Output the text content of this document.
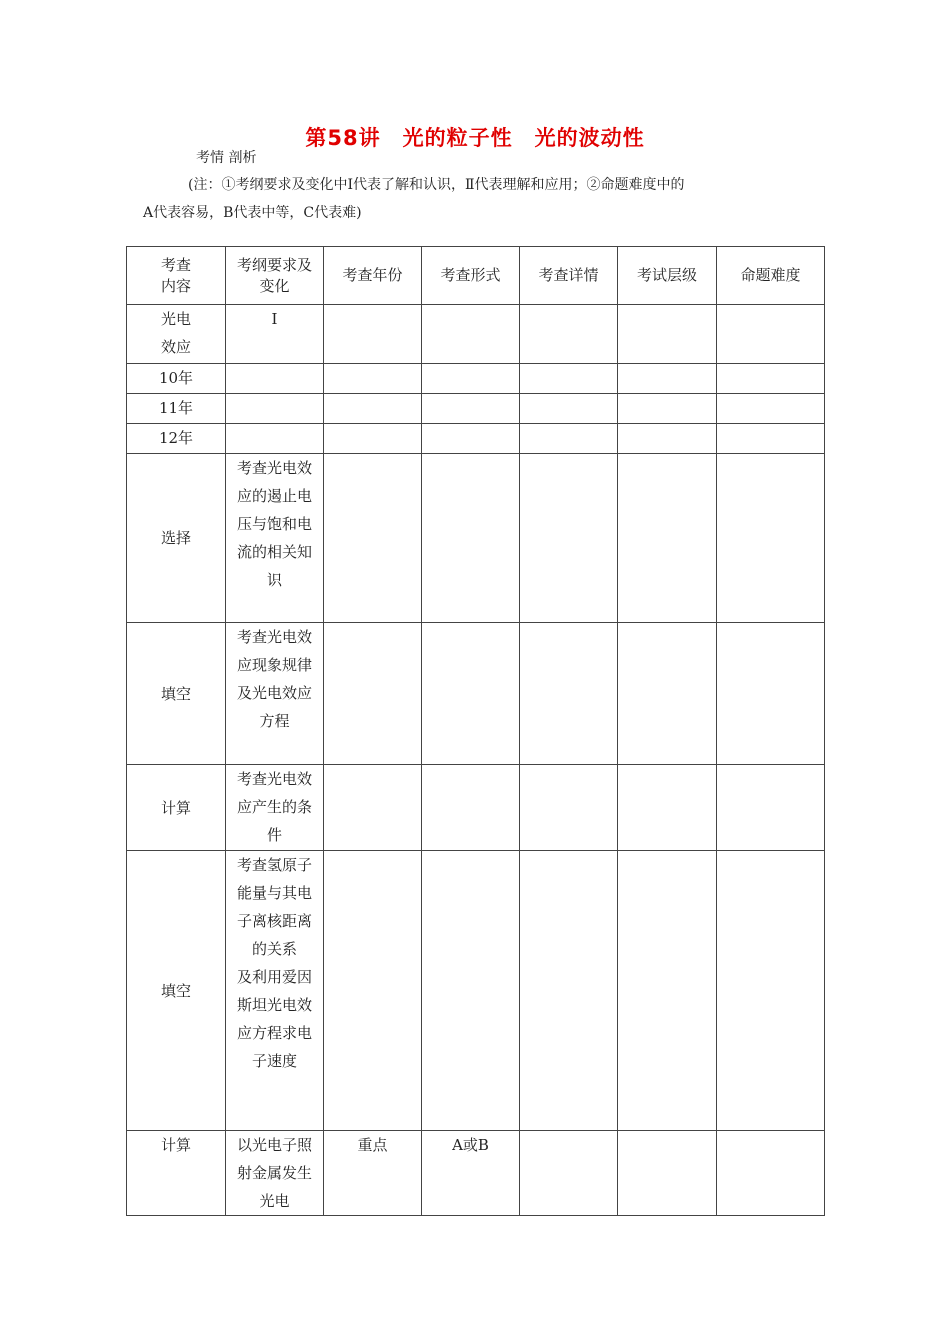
第58讲　光的粒子性　光的波动性
考情 剖析
(注：①考纲要求及变化中Ⅰ代表了解和认识，Ⅱ代表理解和应用；②命题难度中的
A代表容易，B代表中等，C代表难)
考查内容	考纲要求及变化	考查年份	考查形式	考查详情	考试层级	命题难度

光电效应	Ⅰ					
10年						
11年						
12年						
选择	考查光电效应的遏止电压与饱和电流的相关知识					

填空	考查光电效应现象规律及光电效应方程					

计算	考查光电效应产生的条件					

填空	考查氢原子能量与其电子离核距离的关系
及利用爱因斯坦光电效应方程求电子速度					

计算	以光电子照射金属发生光电	重点	A或B			
